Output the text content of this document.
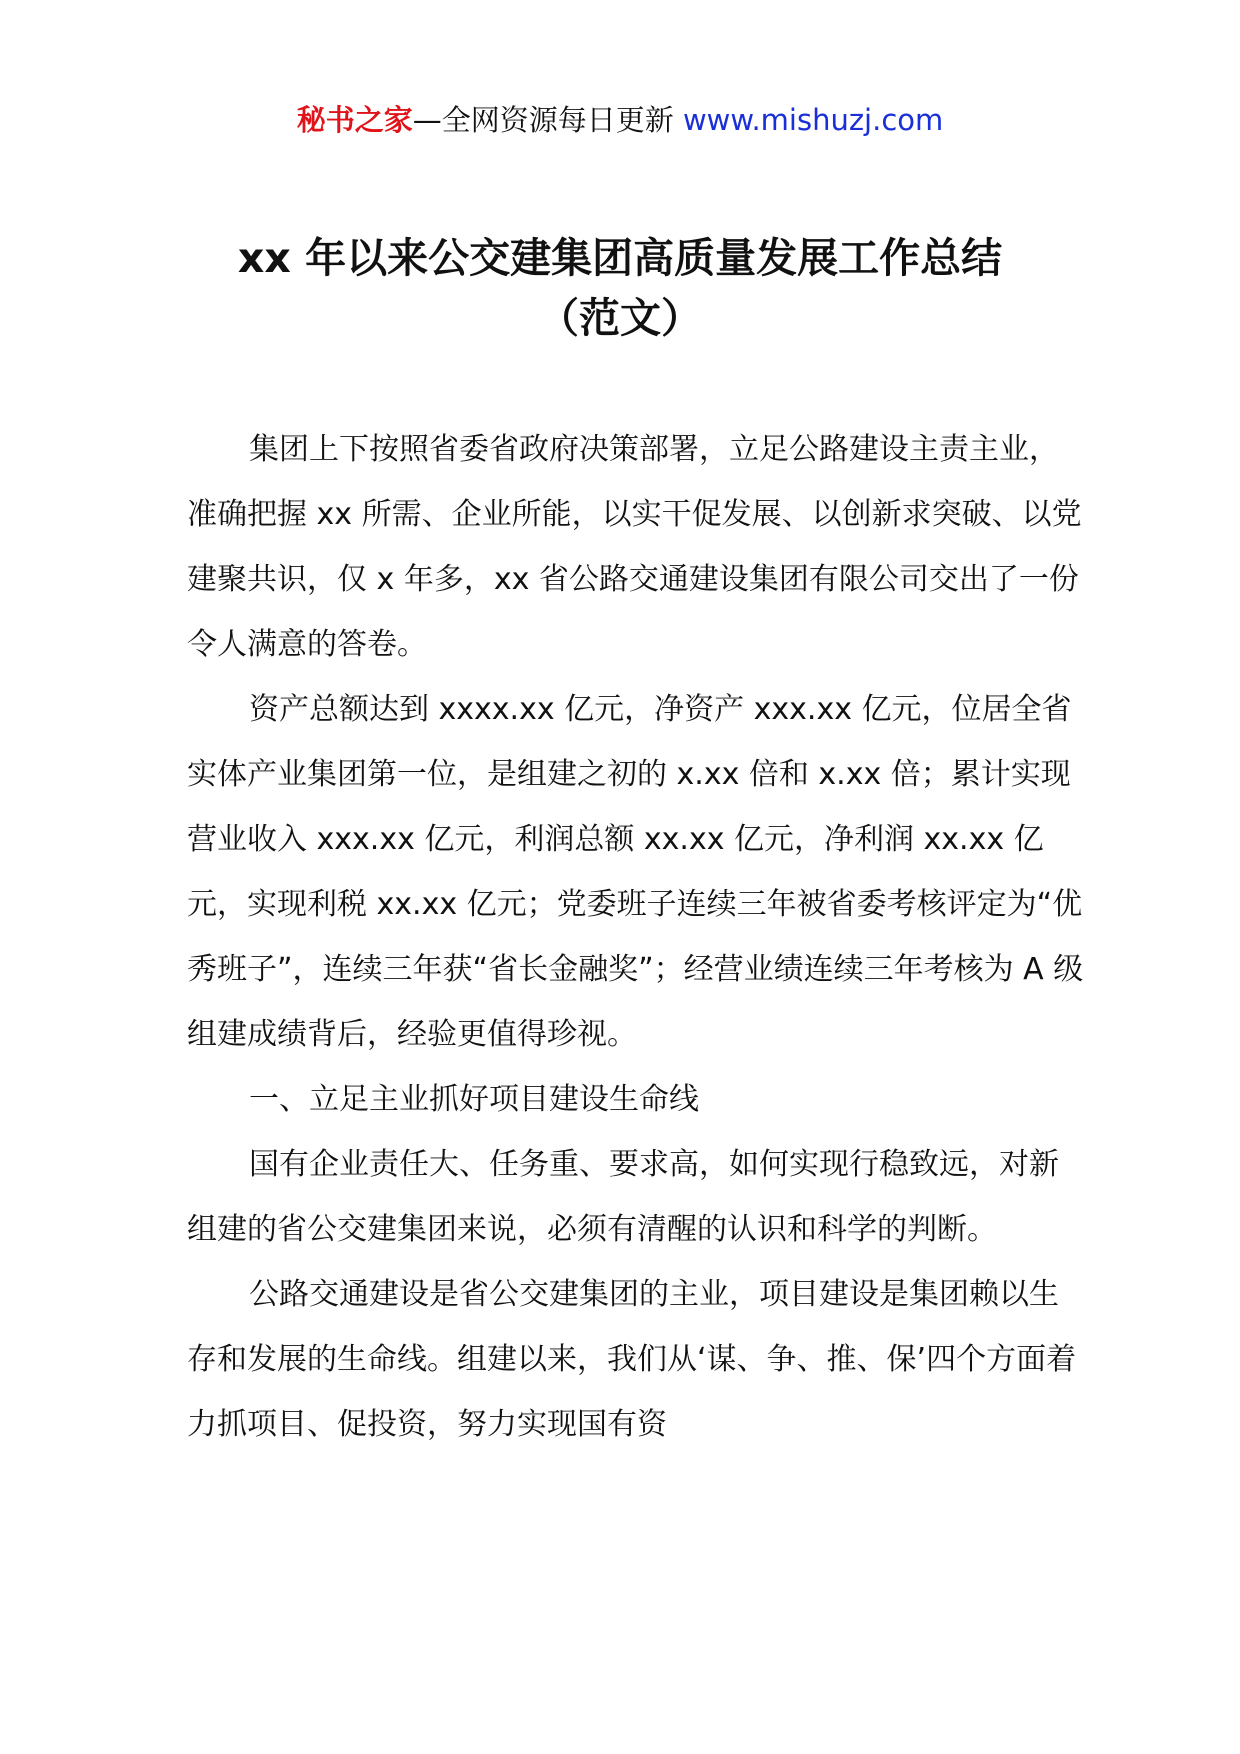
秘书之家—全网资源每日更新 www.mishuzj.com
xx 年以来公交建集团高质量发展工作总结
（范文）

集团上下按照省委省政府决策部署，立足公路建设主责主业，准确把握 xx 所需、企业所能，以实干促发展、以创新求突破、以党建聚共识，仅 x 年多，xx 省公路交通建设集团有限公司交出了一份令人满意的答卷。

资产总额达到 xxxx.xx 亿元，净资产 xxx.xx 亿元，位居全省实体产业集团第一位，是组建之初的 x.xx 倍和 x.xx 倍；累计实现营业收入 xxx.xx 亿元，利润总额 xx.xx 亿元，净利润 xx.xx 亿元，实现利税 xx.xx 亿元；党委班子连续三年被省委考核评定为“优秀班子”，连续三年获“省长金融奖”；经营业绩连续三年考核为 A 级组建成绩背后，经验更值得珍视。

一、立足主业抓好项目建设生命线

国有企业责任大、任务重、要求高，如何实现行稳致远，对新组建的省公交建集团来说，必须有清醒的认识和科学的判断。

公路交通建设是省公交建集团的主业，项目建设是集团赖以生存和发展的生命线。组建以来，我们从‘谋、争、推、保’四个方面着力抓项目、促投资，努力实现国有资
